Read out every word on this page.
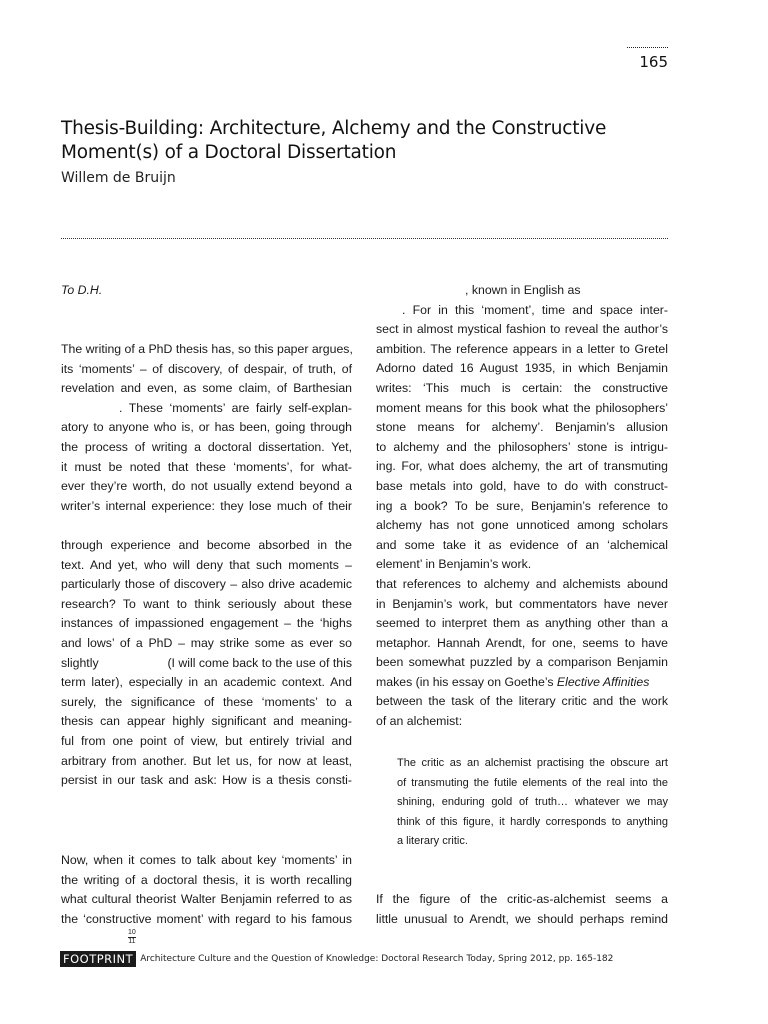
165
Thesis-Building: Architecture, Alchemy and the Constructive
Moment(s) of a Doctoral Dissertation
Willem de Bruijn
To D.H.
The writing of a PhD thesis has, so this paper argues,
its ‘moments’ – of discovery, of despair, of truth, of
revelation and even, as some claim, of Barthesian
. These ‘moments’ are fairly self-explan-
atory to anyone who is, or has been, going through
the process of writing a doctoral dissertation. Yet,
it must be noted that these ‘moments’, for what-
ever they’re worth, do not usually extend beyond a
writer’s internal experience: they lose much of their
through experience and become absorbed in the
text. And yet, who will deny that such moments –
particularly those of discovery – also drive academic
research? To want to think seriously about these
instances of impassioned engagement – the ‘highs
and lows’ of a PhD – may strike some as ever so
slightly	(I will come back to the use of this
term later), especially in an academic context. And
surely, the significance of these ‘moments’ to a
thesis can appear highly significant and meaning-
ful from one point of view, but entirely trivial and
arbitrary from another. But let us, for now at least,
persist in our task and ask: How is a thesis consti-
Now, when it comes to talk about key ‘moments’ in
the writing of a doctoral thesis, it is worth recalling
what cultural theorist Walter Benjamin referred to as
the ‘constructive moment’ with regard to his famous
, known in English as
. For in this ‘moment’, time and space inter-
sect in almost mystical fashion to reveal the author’s
ambition. The reference appears in a letter to Gretel
Adorno dated 16 August 1935, in which Benjamin
writes: ‘This much is certain: the constructive
moment means for this book what the philosophers’
stone means for alchemy’. Benjamin’s allusion
to alchemy and the philosophers’ stone is intrigu-
ing. For, what does alchemy, the art of transmuting
base metals into gold, have to do with construct-
ing a book? To be sure, Benjamin’s reference to
alchemy has not gone unnoticed among scholars
and some take it as evidence of an ‘alchemical
element’ in Benjamin’s work.
that references to alchemy and alchemists abound
in Benjamin’s work, but commentators have never
seemed to interpret them as anything other than a
metaphor. Hannah Arendt, for one, seems to have
been somewhat puzzled by a comparison Benjamin
makes (in his essay on Goethe’s Elective Affinities
between the task of the literary critic and the work
of an alchemist:
The critic as an alchemist practising the obscure art
of transmuting the futile elements of the real into the
shining, enduring gold of truth… whatever we may
think of this figure, it hardly corresponds to anything
a literary critic.
If the figure of the critic-as-alchemist seems a
little unusual to Arendt, we should perhaps remind
10
11
FOOTPRINT Architecture Culture and the Question of Knowledge: Doctoral Research Today, Spring 2012, pp. 165-182
